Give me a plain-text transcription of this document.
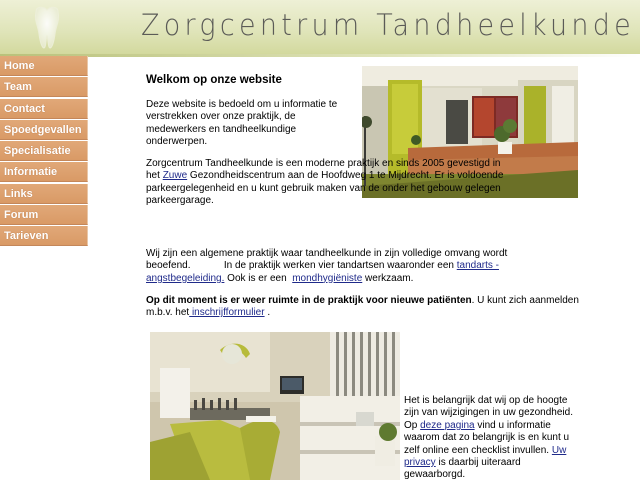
Zorgcentrum Tandheelkunde
Home
Team
Contact
Spoedgevallen
Specialisatie
Informatie
Links
Forum
Tarieven
Welkom op onze website
Deze website is bedoeld om u informatie te verstrekken over onze praktijk, de medewerkers en tandheelkundige onderwerpen.
Zorgcentrum Tandheelkunde is een moderne praktijk en sinds 2005 gevestigd in het Zuwe Gezondheidscentrum aan de Hoofdweg 1 te Mijdrecht. Er is voldoende parkeergelegenheid en u kunt gebruik maken van de onder het gebouw gelegen parkeergarage.
Wij zijn een algemene praktijk waar tandheelkunde in zijn volledige omvang wordt beoefend.            In de praktijk werken vier tandartsen waaronder een tandarts - angstbegeleiding. Ook is er een  mondhygiëniste werkzaam.
Op dit moment is er weer ruimte in de praktijk voor nieuwe patiënten. U kunt zich aanmelden m.b.v. het inschrijfformulier .
Het is belangrijk dat wij op de hoogte zijn van wijzigingen in uw gezondheid. Op deze pagina vind u informatie waarom dat zo belangrijk is en kunt u zelf online een checklist invullen. Uw privacy is daarbij uiteraard gewaarborgd.
